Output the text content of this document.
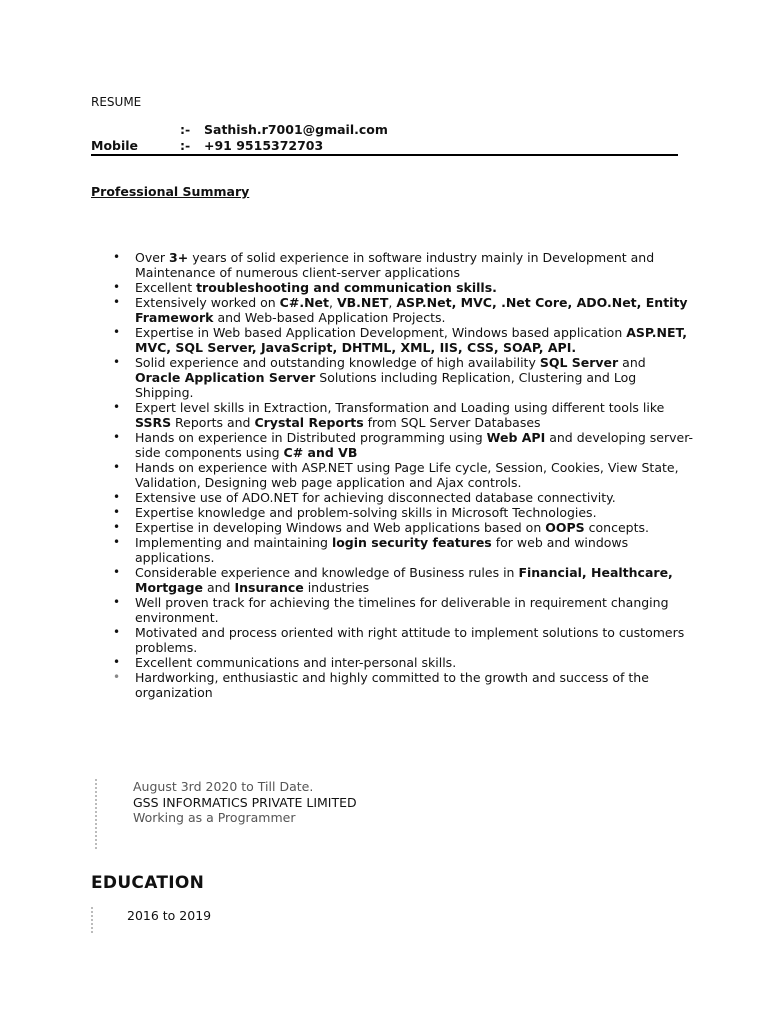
RESUME
:- Sathish.r7001@gmail.com
Mobile	:- +91 9515372703
Professional Summary
• Over 3+ years of solid experience in software industry mainly in Development and Maintenance of numerous client-server applications
• Excellent troubleshooting and communication skills.
• Extensively worked on C#.Net, VB.NET, ASP.Net, MVC, .Net Core, ADO.Net, Entity Framework and Web-based Application Projects.
• Expertise in Web based Application Development, Windows based application ASP.NET, MVC, SQL Server, JavaScript, DHTML, XML, IIS, CSS, SOAP, API.
• Solid experience and outstanding knowledge of high availability SQL Server and Oracle Application Server Solutions including Replication, Clustering and Log Shipping.
• Expert level skills in Extraction, Transformation and Loading using different tools like SSRS Reports and Crystal Reports from SQL Server Databases
• Hands on experience in Distributed programming using Web API and developing server-side components using C# and VB
• Hands on experience with ASP.NET using Page Life cycle, Session, Cookies, View State, Validation, Designing web page application and Ajax controls.
• Extensive use of ADO.NET for achieving disconnected database connectivity.
• Expertise knowledge and problem-solving skills in Microsoft Technologies.
• Expertise in developing Windows and Web applications based on OOPS concepts.
• Implementing and maintaining login security features for web and windows applications.
• Considerable experience and knowledge of Business rules in Financial, Healthcare, Mortgage and Insurance industries
• Well proven track for achieving the timelines for deliverable in requirement changing environment.
• Motivated and process oriented with right attitude to implement solutions to customers problems.
• Excellent communications and inter-personal skills.
• Hardworking, enthusiastic and highly committed to the growth and success of the organization
August 3rd 2020 to Till Date.
GSS INFORMATICS PRIVATE LIMITED
Working as a Programmer
EDUCATION
2016 to 2019
